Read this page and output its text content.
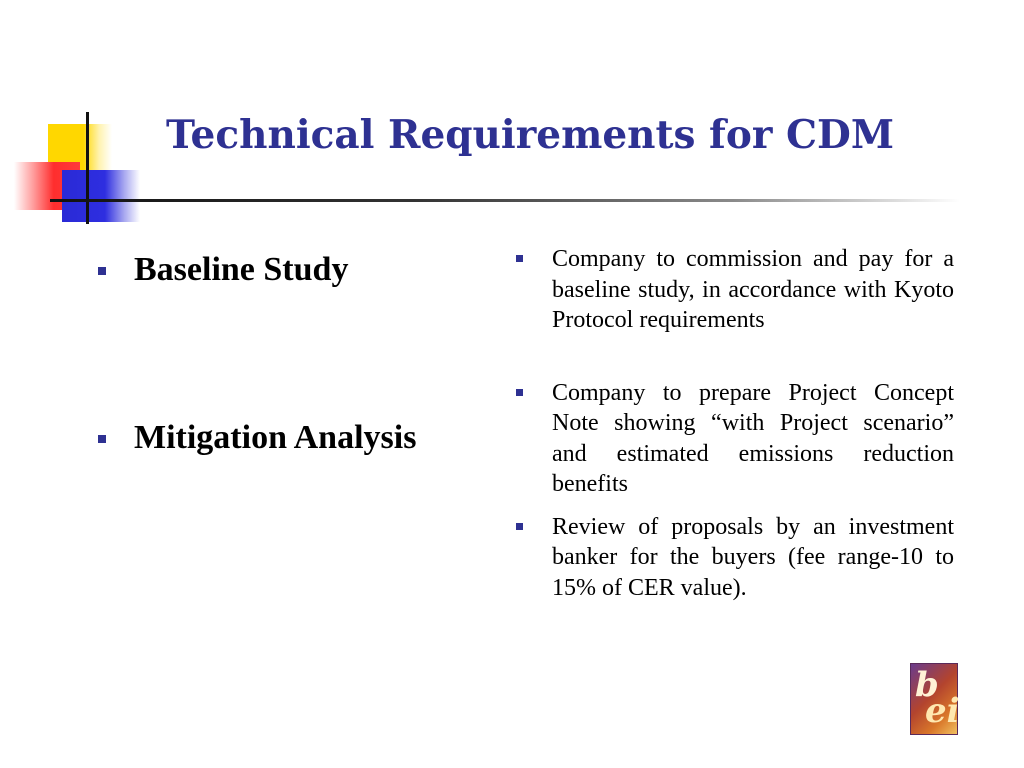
Technical Requirements for CDM
Baseline Study
Mitigation Analysis
Company to commission and pay for a baseline study, in accordance with Kyoto Protocol requirements
Company to prepare Project Concept Note showing “with Project scenario” and estimated emissions reduction benefits
Review of proposals by an investment banker for the buyers (fee range-10 to 15% of CER value).
b
ei
